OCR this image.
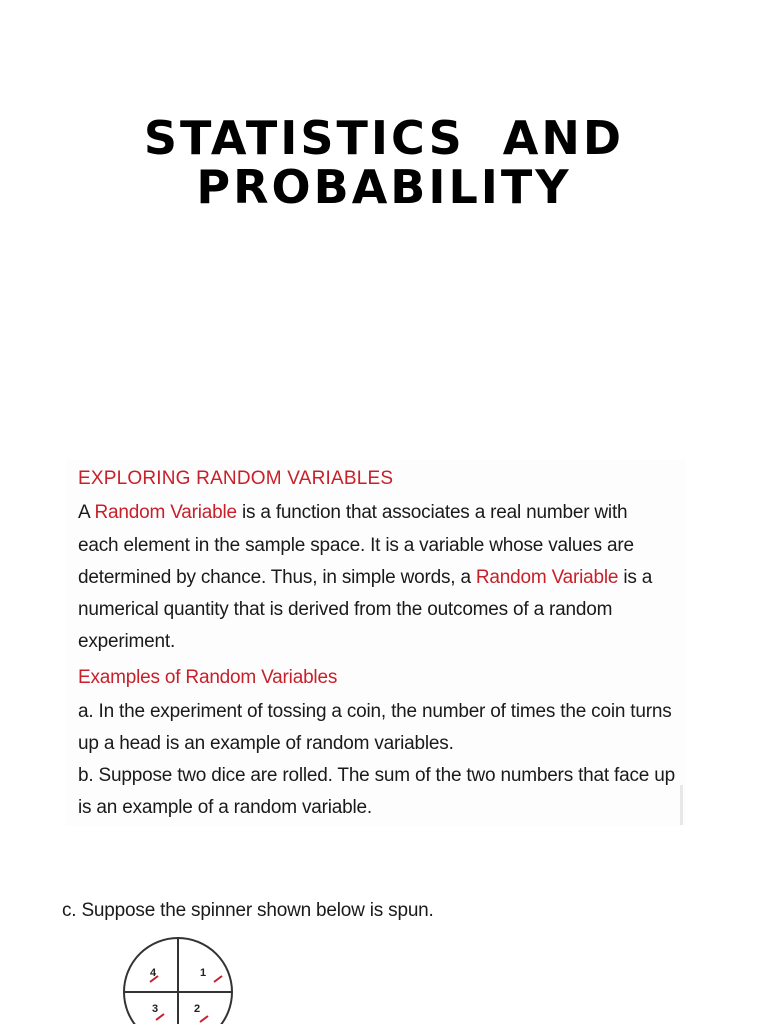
STATISTICS  AND
PROBABILITY
EXPLORING RANDOM VARIABLES
A Random Variable is a function that associates a real number with
each element in the sample space. It is a variable whose values are
determined by chance. Thus, in simple words, a Random Variable is a
numerical quantity that is derived from the outcomes of a random
experiment.
Examples of Random Variables
a. In the experiment of tossing a coin, the number of times the coin turns
up a head is an example of random variables.
b. Suppose two dice are rolled. The sum of the two numbers that face up
is an example of a random variable.
c. Suppose the spinner shown below is spun.
4	1
3	2
